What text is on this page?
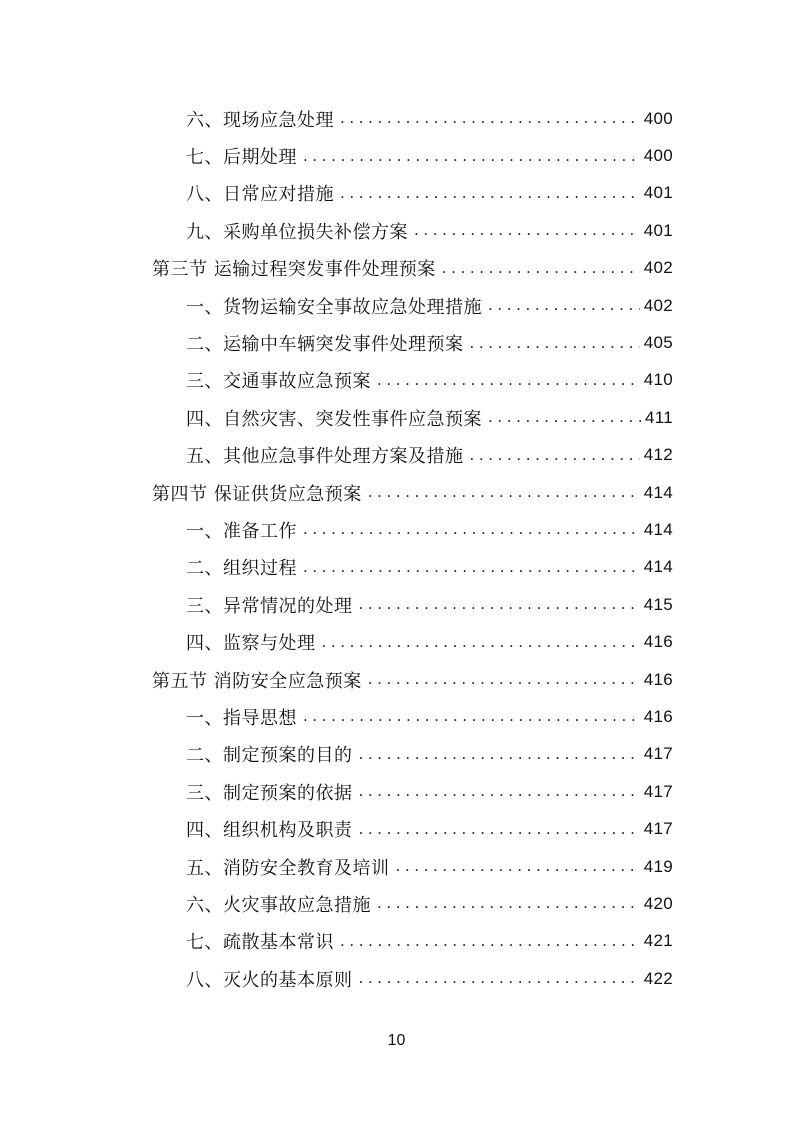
六、现场应急处理 .....	400
七、后期处理 .....	400
八、日常应对措施 .....	401
九、采购单位损失补偿方案 .....	401
第三节 运输过程突发事件处理预案 .....	402
一、货物运输安全事故应急处理措施 .....	402
二、运输中车辆突发事件处理预案 .....	405
三、交通事故应急预案 .....	410
四、自然灾害、突发性事件应急预案 .....	411
五、其他应急事件处理方案及措施 .....	412
第四节 保证供货应急预案 .....	414
一、准备工作 .....	414
二、组织过程 .....	414
三、异常情况的处理 .....	415
四、监察与处理 .....	416
第五节 消防安全应急预案 .....	416
一、指导思想 .....	416
二、制定预案的目的 .....	417
三、制定预案的依据 .....	417
四、组织机构及职责 .....	417
五、消防安全教育及培训 .....	419
六、火灾事故应急措施 .....	420
七、疏散基本常识 .....	421
八、灭火的基本原则 .....	422
10
